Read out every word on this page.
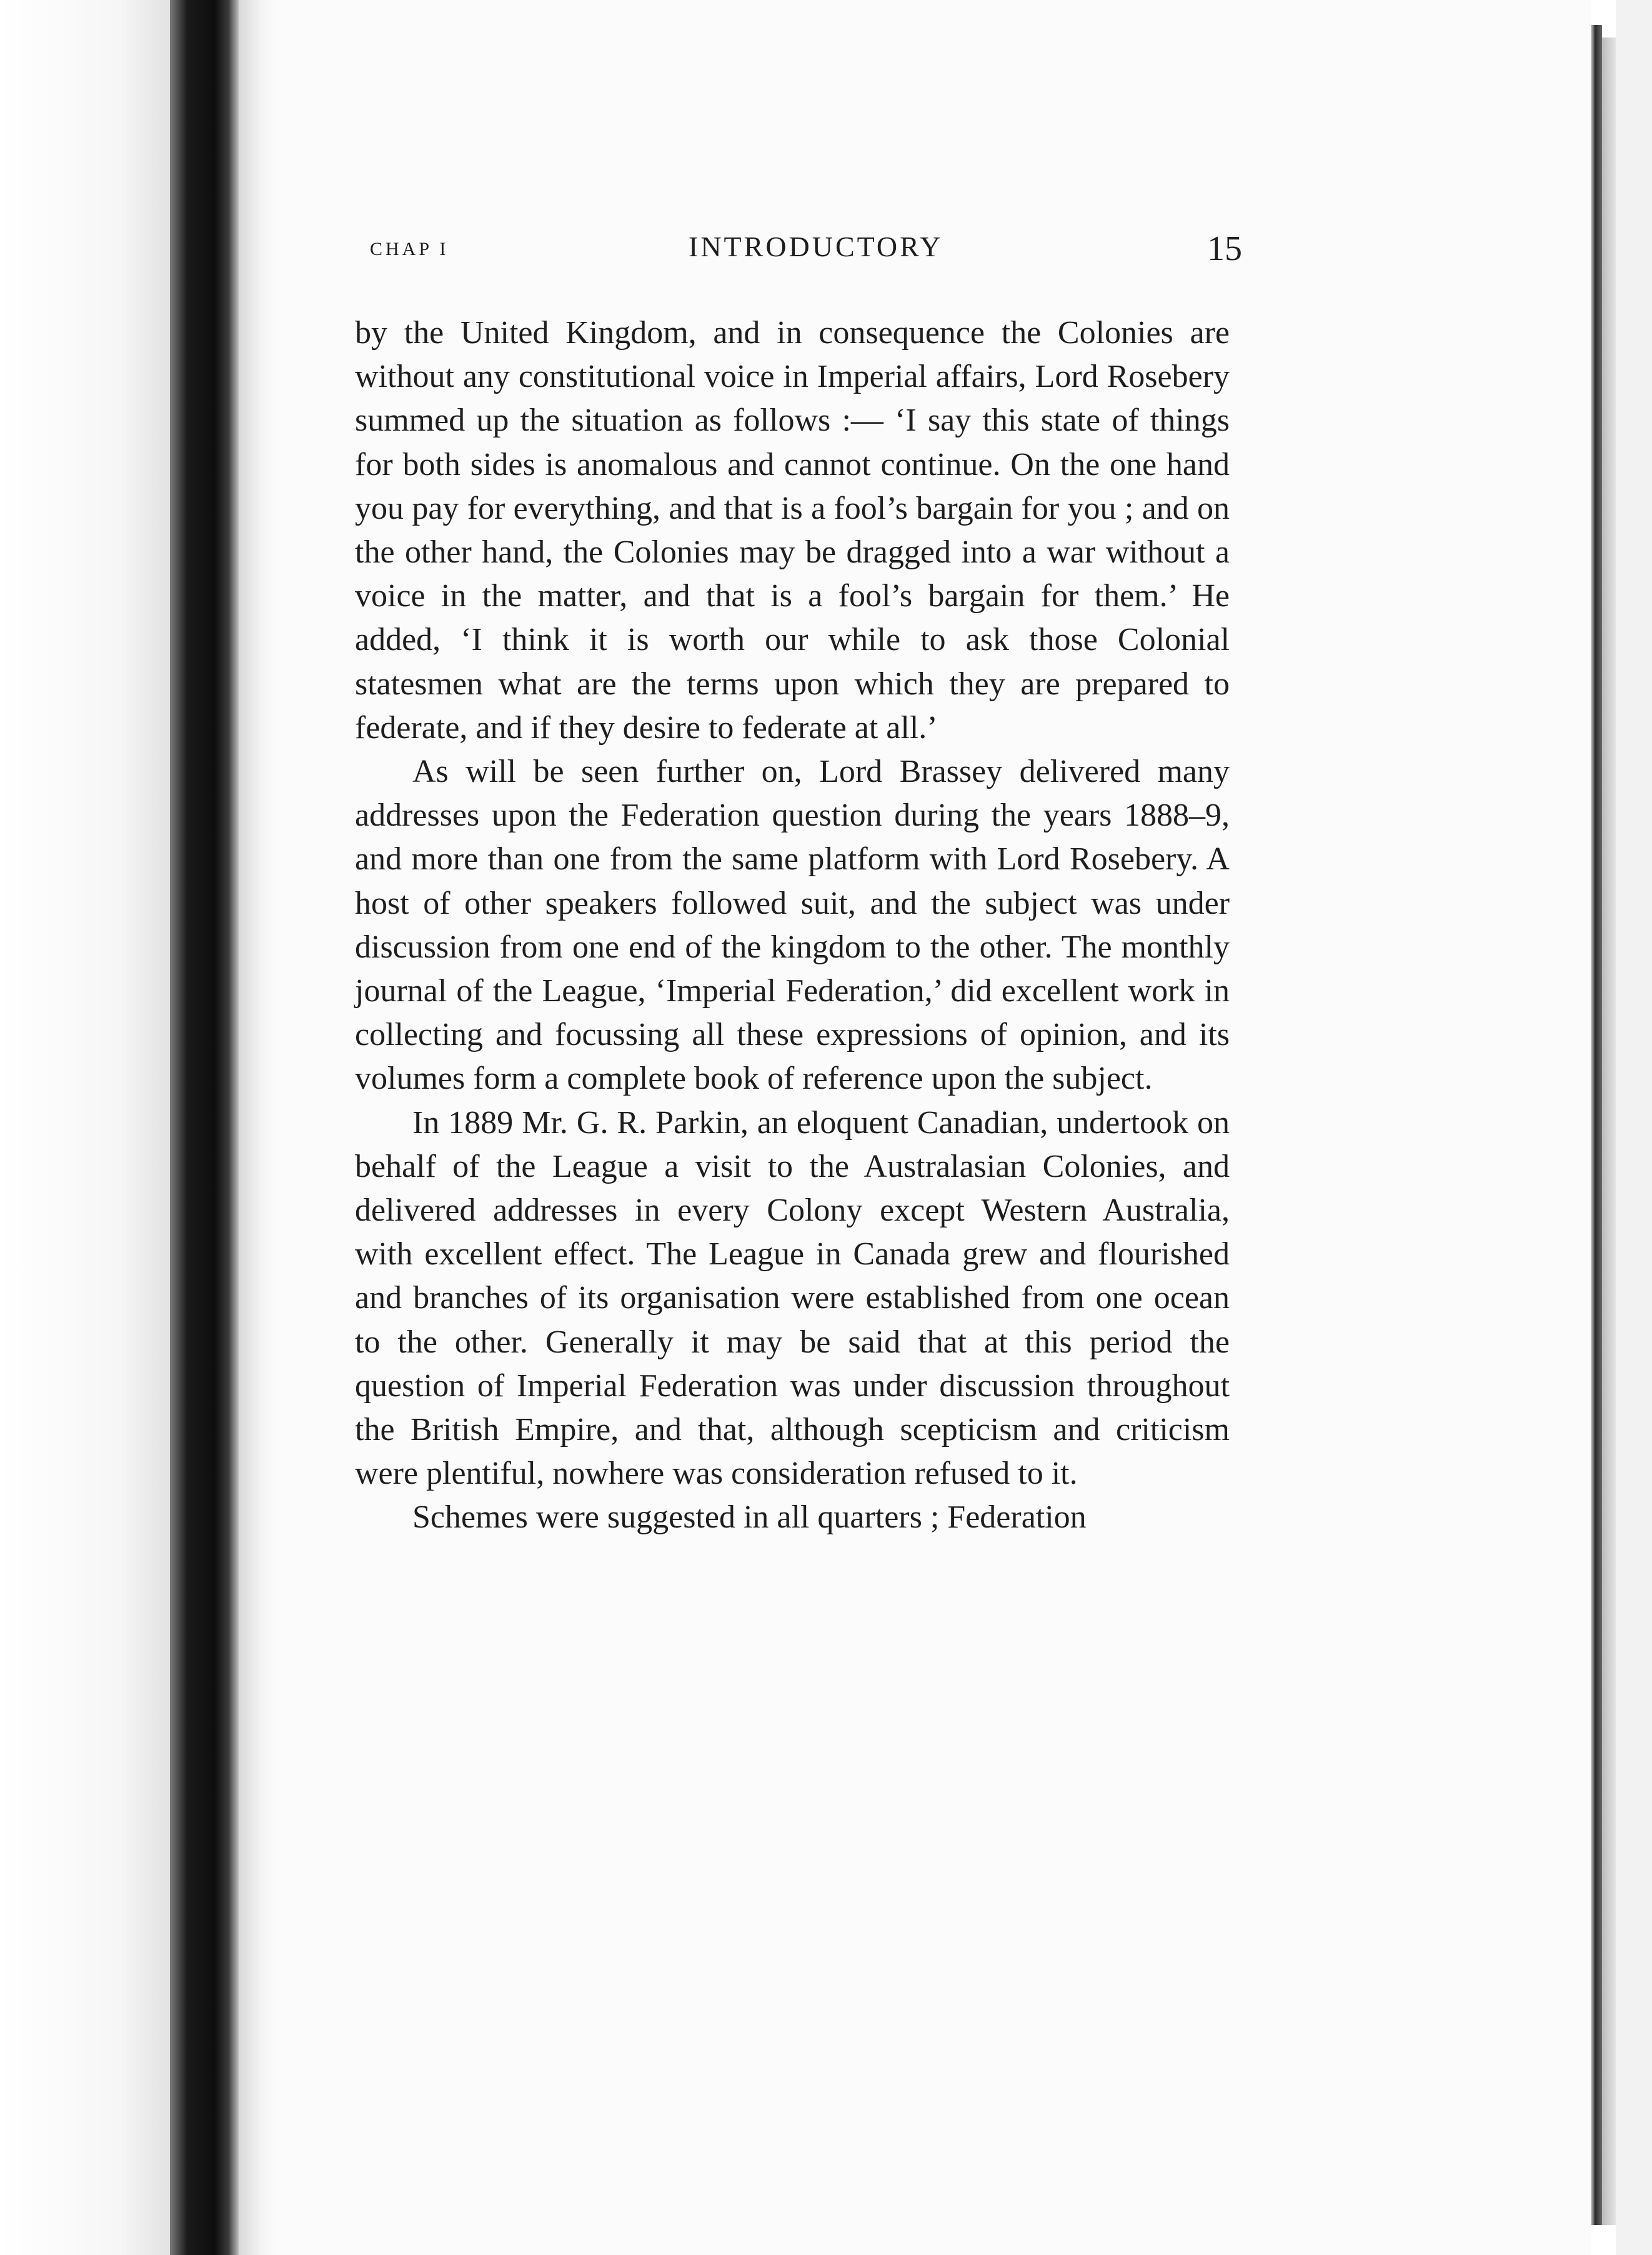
CHAP I	INTRODUCTORY	15

by the United Kingdom, and in consequence the Colonies are without any constitutional voice in Imperial affairs, Lord Rosebery summed up the situation as follows :— ‘I say this state of things for both sides is anomalous and cannot continue. On the one hand you pay for everything, and that is a fool’s bargain for you ; and on the other hand, the Colonies may be dragged into a war without a voice in the matter, and that is a fool’s bargain for them.’ He added, ‘I think it is worth our while to ask those Colonial statesmen what are the terms upon which they are prepared to federate, and if they desire to federate at all.’

As will be seen further on, Lord Brassey delivered many addresses upon the Federation question during the years 1888–9, and more than one from the same platform with Lord Rosebery. A host of other speakers followed suit, and the subject was under discussion from one end of the kingdom to the other. The monthly journal of the League, ‘Imperial Federation,’ did excellent work in collecting and focussing all these expressions of opinion, and its volumes form a complete book of reference upon the subject.

In 1889 Mr. G. R. Parkin, an eloquent Canadian, undertook on behalf of the League a visit to the Australasian Colonies, and delivered addresses in every Colony except Western Australia, with excellent effect. The League in Canada grew and flourished and branches of its organisation were established from one ocean to the other. Generally it may be said that at this period the question of Imperial Federation was under discussion throughout the British Empire, and that, although scepticism and criticism were plentiful, nowhere was consideration refused to it.

Schemes were suggested in all quarters ; Federation
